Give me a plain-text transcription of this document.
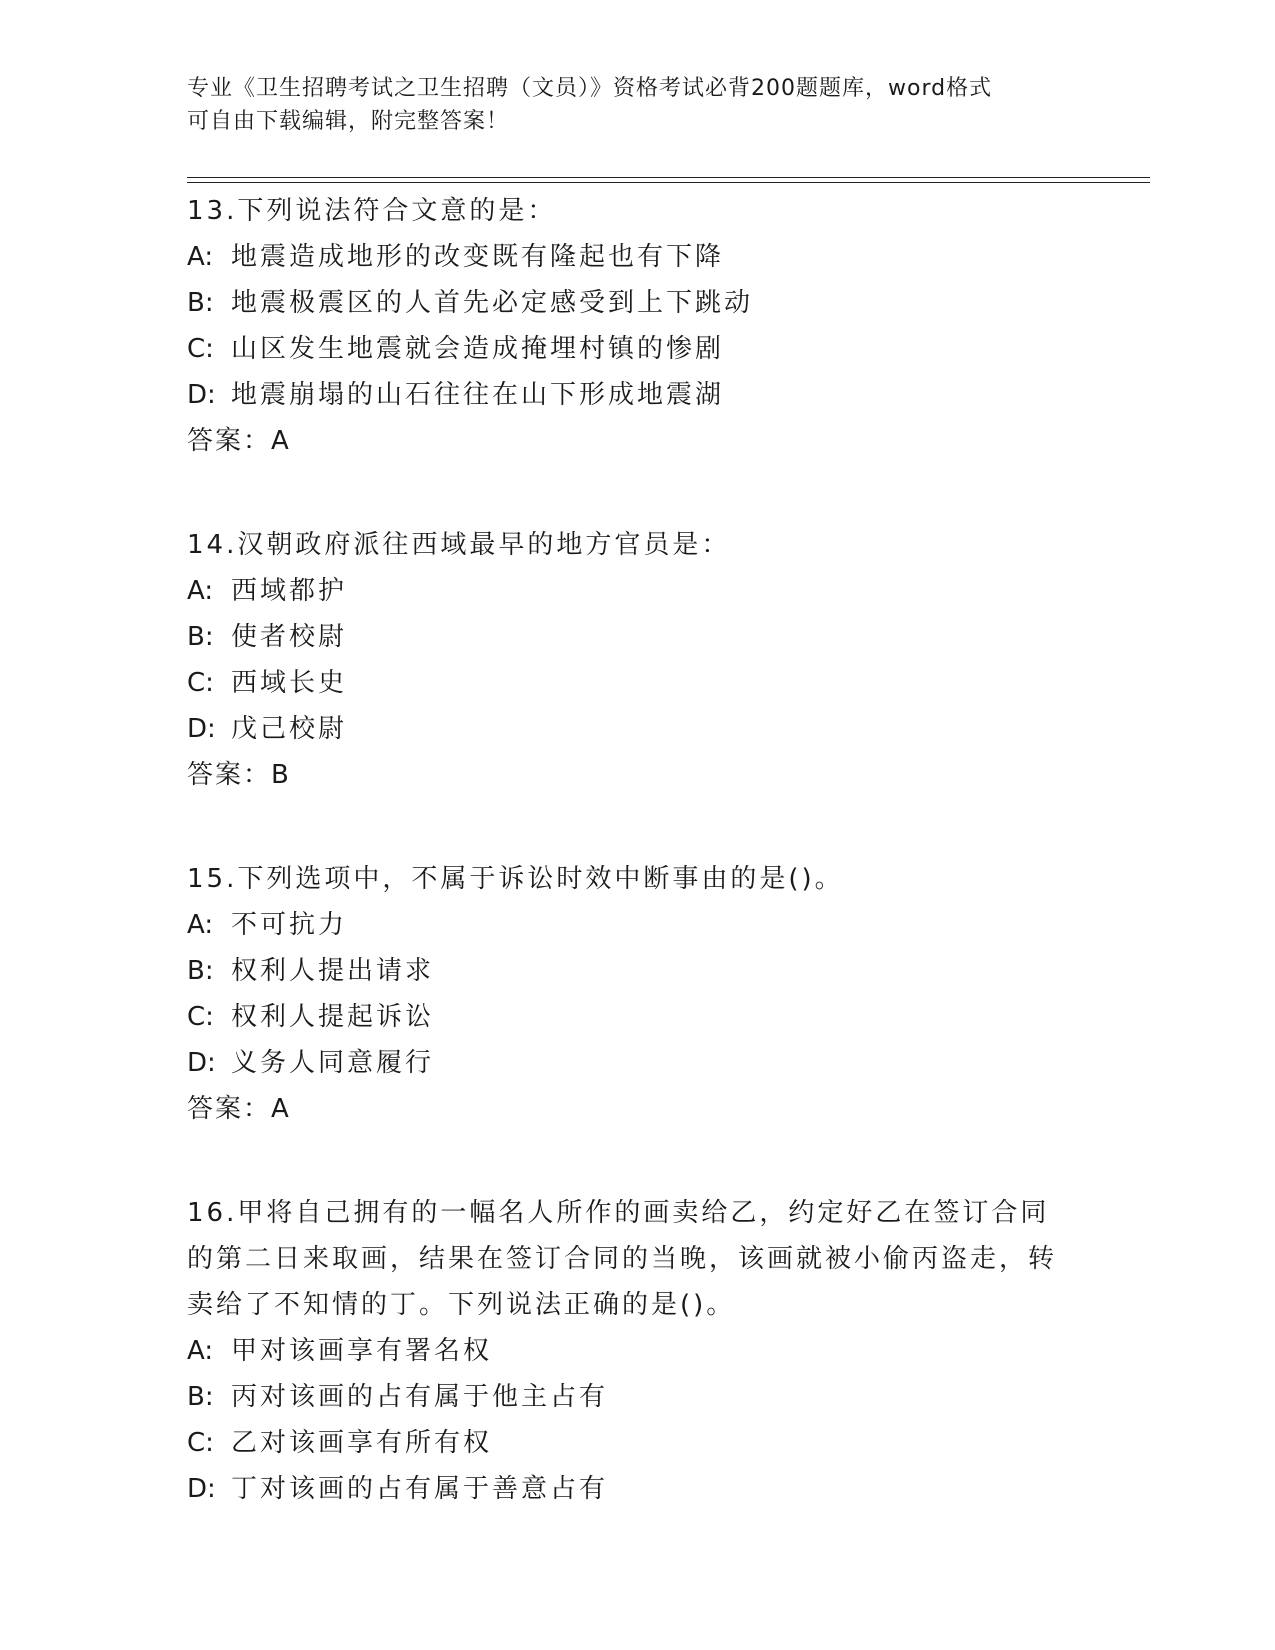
专业《卫生招聘考试之卫生招聘（文员）》资格考试必背200题题库，word格式
可自由下载编辑，附完整答案！
13.下列说法符合文意的是：
A: 地震造成地形的改变既有隆起也有下降
B: 地震极震区的人首先必定感受到上下跳动
C: 山区发生地震就会造成掩埋村镇的惨剧
D: 地震崩塌的山石往往在山下形成地震湖
答案：A
14.汉朝政府派往西域最早的地方官员是：
A: 西域都护
B: 使者校尉
C: 西域长史
D: 戊己校尉
答案：B
15.下列选项中，不属于诉讼时效中断事由的是()。
A: 不可抗力
B: 权利人提出请求
C: 权利人提起诉讼
D: 义务人同意履行
答案：A
16.甲将自己拥有的一幅名人所作的画卖给乙，约定好乙在签订合同的第二日来取画，结果在签订合同的当晚，该画就被小偷丙盗走，转卖给了不知情的丁。下列说法正确的是()。
A: 甲对该画享有署名权
B: 丙对该画的占有属于他主占有
C: 乙对该画享有所有权
D: 丁对该画的占有属于善意占有
